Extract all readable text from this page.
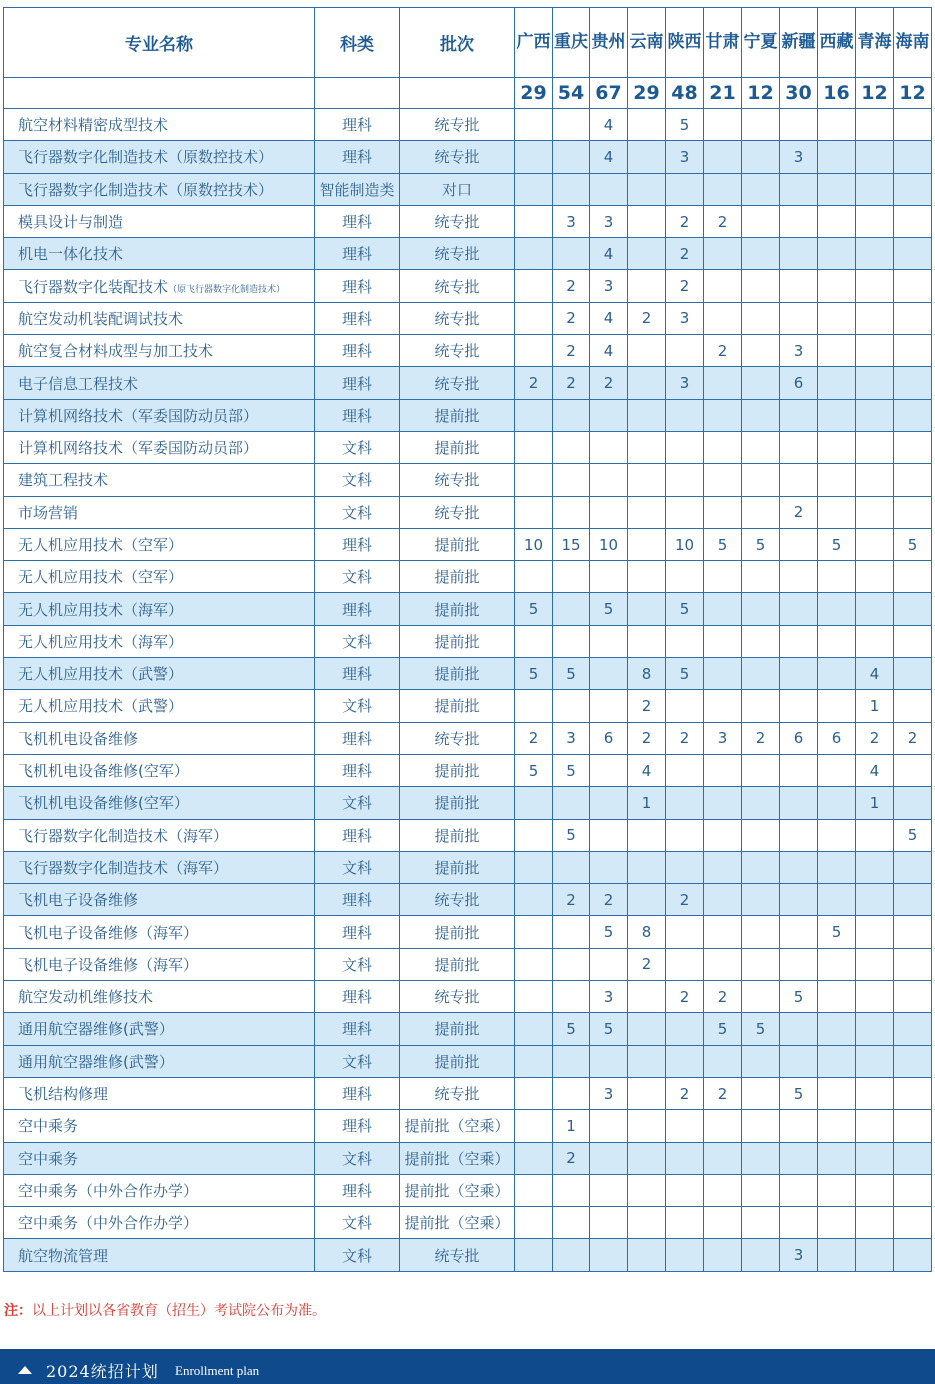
专业名称	科类	批次	广西	重庆	贵州	云南	陕西	甘肃	宁夏	新疆	西藏	青海	海南
			29	54	67	29	48	21	12	30	16	12	12
航空材料精密成型技术	理科	统专批			4		5						
飞行器数字化制造技术（原数控技术）	理科	统专批			4		3			3			
飞行器数字化制造技术（原数控技术）	智能制造类	对口											
模具设计与制造	理科	统专批		3	3		2	2					
机电一体化技术	理科	统专批			4		2						
飞行器数字化装配技术（原飞行器数字化制造技术）	理科	统专批		2	3		2						
航空发动机装配调试技术	理科	统专批		2	4	2	3						
航空复合材料成型与加工技术	理科	统专批		2	4			2		3			
电子信息工程技术	理科	统专批	2	2	2		3			6			
计算机网络技术（军委国防动员部）	理科	提前批											
计算机网络技术（军委国防动员部）	文科	提前批											
建筑工程技术	文科	统专批											
市场营销	文科	统专批								2			
无人机应用技术（空军）	理科	提前批	10	15	10		10	5	5		5		5
无人机应用技术（空军）	文科	提前批											
无人机应用技术（海军）	理科	提前批	5		5		5						
无人机应用技术（海军）	文科	提前批											
无人机应用技术（武警）	理科	提前批	5	5		8	5					4	
无人机应用技术（武警）	文科	提前批				2						1	
飞机机电设备维修	理科	统专批	2	3	6	2	2	3	2	6	6	2	2
飞机机电设备维修(空军）	理科	提前批	5	5		4						4	
飞机机电设备维修(空军）	文科	提前批				1						1	
飞行器数字化制造技术（海军）	理科	提前批		5									5
飞行器数字化制造技术（海军）	文科	提前批											
飞机电子设备维修	理科	统专批		2	2		2						
飞机电子设备维修（海军）	理科	提前批			5	8					5		
飞机电子设备维修（海军）	文科	提前批				2							
航空发动机维修技术	理科	统专批			3		2	2		5			
通用航空器维修(武警）	理科	提前批		5	5			5	5				
通用航空器维修(武警）	文科	提前批											
飞机结构修理	理科	统专批			3		2	2		5			
空中乘务	理科	提前批（空乘）		1									
空中乘务	文科	提前批（空乘）		2									
空中乘务（中外合作办学）	理科	提前批（空乘）											
空中乘务（中外合作办学）	文科	提前批（空乘）											
航空物流管理	文科	统专批								3			
注：以上计划以各省教育（招生）考试院公布为准。
2024统招计划 Enrollment plan
